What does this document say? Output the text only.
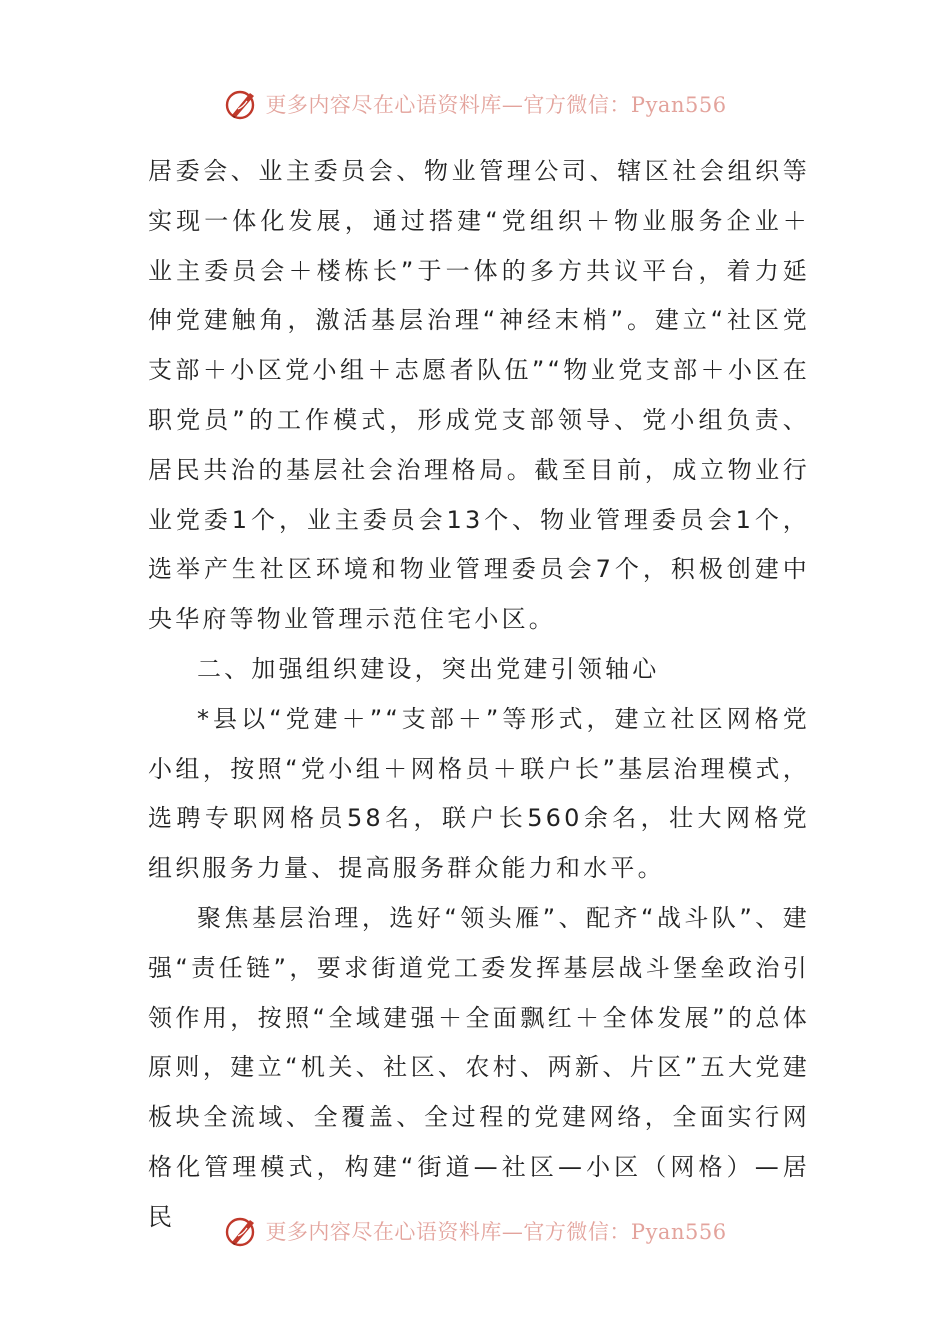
更多内容尽在心语资料库—官方微信：Pyan556

居委会、业主委员会、物业管理公司、辖区社会组织等实现一体化发展，通过搭建“党组织＋物业服务企业＋业主委员会＋楼栋长”于一体的多方共议平台，着力延伸党建触角，激活基层治理“神经末梢”。建立“社区党支部＋小区党小组＋志愿者队伍”“物业党支部＋小区在职党员”的工作模式，形成党支部领导、党小组负责、居民共治的基层社会治理格局。截至目前，成立物业行业党委1个，业主委员会13个、物业管理委员会1个，选举产生社区环境和物业管理委员会7个，积极创建中央华府等物业管理示范住宅小区。

二、加强组织建设，突出党建引领轴心

*县以“党建＋”“支部＋”等形式，建立社区网格党小组，按照“党小组＋网格员＋联户长”基层治理模式，选聘专职网格员58名，联户长560余名，壮大网格党组织服务力量、提高服务群众能力和水平。

聚焦基层治理，选好“领头雁”、配齐“战斗队”、建强“责任链”，要求街道党工委发挥基层战斗堡垒政治引领作用，按照“全域建强＋全面飘红＋全体发展”的总体原则，建立“机关、社区、农村、两新、片区”五大党建板块全流域、全覆盖、全过程的党建网络，全面实行网格化管理模式，构建“街道—社区—小区（网格）—居民

更多内容尽在心语资料库—官方微信：Pyan556
